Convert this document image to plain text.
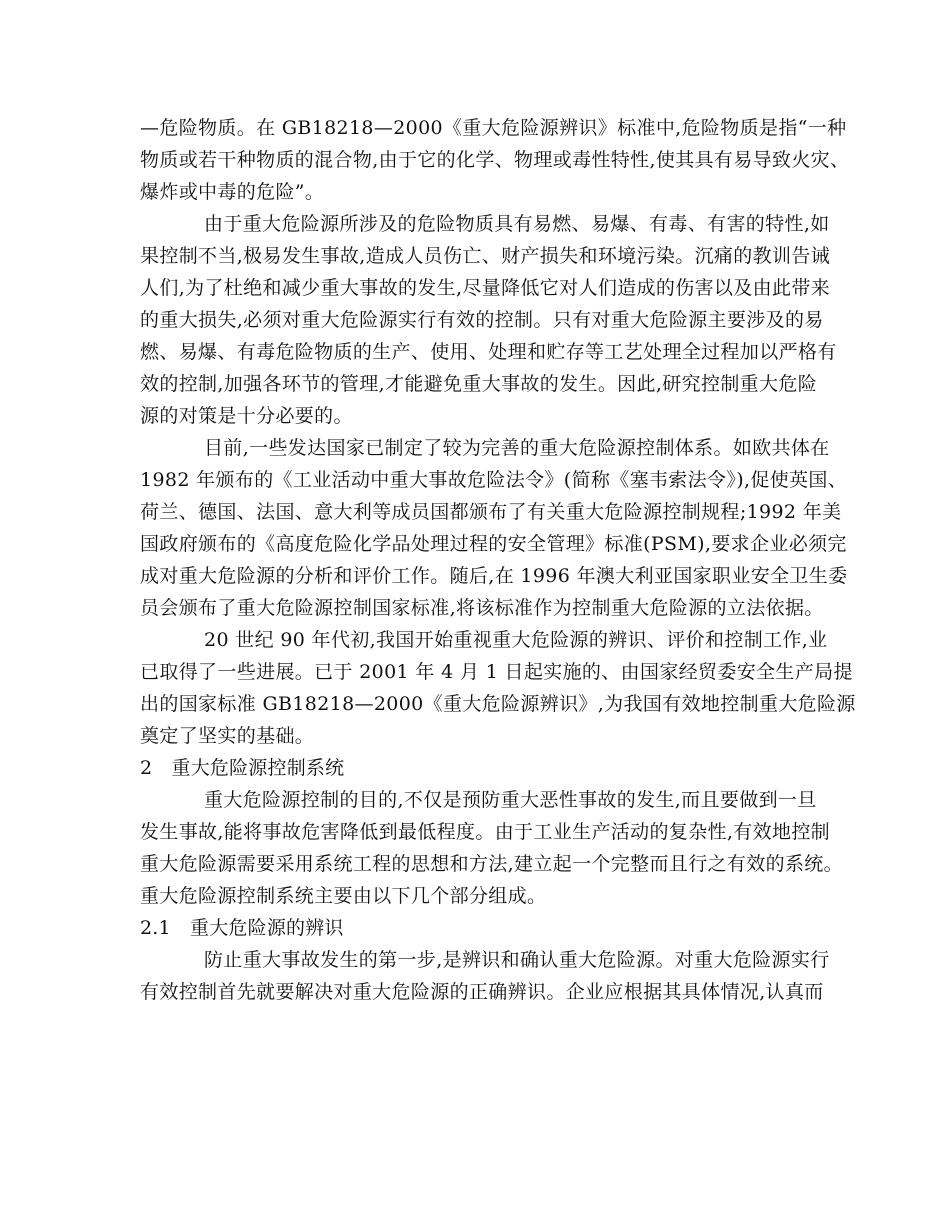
—危险物质。在 GB18218—2000《重大危险源辨识》标准中,危险物质是指“一种
物质或若干种物质的混合物,由于它的化学、物理或毒性特性,使其具有易导致火灾、
爆炸或中毒的危险”。
由于重大危险源所涉及的危险物质具有易燃、易爆、有毒、有害的特性,如
果控制不当,极易发生事故,造成人员伤亡、财产损失和环境污染。沉痛的教训告诫
人们,为了杜绝和减少重大事故的发生,尽量降低它对人们造成的伤害以及由此带来
的重大损失,必须对重大危险源实行有效的控制。只有对重大危险源主要涉及的易
燃、易爆、有毒危险物质的生产、使用、处理和贮存等工艺处理全过程加以严格有
效的控制,加强各环节的管理,才能避免重大事故的发生。因此,研究控制重大危险
源的对策是十分必要的。
目前,一些发达国家已制定了较为完善的重大危险源控制体系。如欧共体在
1982 年颁布的《工业活动中重大事故危险法令》(简称《塞韦索法令》),促使英国、
荷兰、德国、法国、意大利等成员国都颁布了有关重大危险源控制规程;1992 年美
国政府颁布的《高度危险化学品处理过程的安全管理》标准(PSM),要求企业必须完
成对重大危险源的分析和评价工作。随后,在 1996 年澳大利亚国家职业安全卫生委
员会颁布了重大危险源控制国家标准,将该标准作为控制重大危险源的立法依据。
20 世纪 90 年代初,我国开始重视重大危险源的辨识、评价和控制工作,业
已取得了一些进展。已于 2001 年 4 月 1 日起实施的、由国家经贸委安全生产局提
出的国家标准 GB18218—2000《重大危险源辨识》,为我国有效地控制重大危险源
奠定了坚实的基础。
2　重大危险源控制系统
重大危险源控制的目的,不仅是预防重大恶性事故的发生,而且要做到一旦
发生事故,能将事故危害降低到最低程度。由于工业生产活动的复杂性,有效地控制
重大危险源需要采用系统工程的思想和方法,建立起一个完整而且行之有效的系统。
重大危险源控制系统主要由以下几个部分组成。
2.1　重大危险源的辨识
防止重大事故发生的第一步,是辨识和确认重大危险源。对重大危险源实行
有效控制首先就要解决对重大危险源的正确辨识。企业应根据其具体情况,认真而
